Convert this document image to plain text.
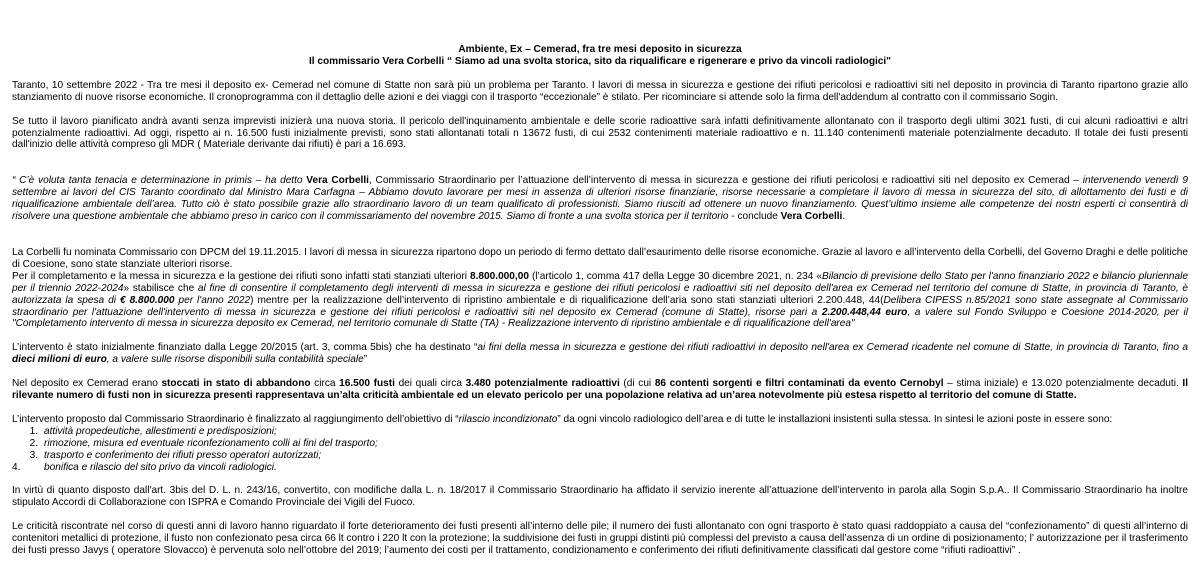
Ambiente, Ex – Cemerad, fra tre mesi deposito in sicurezza
Il commissario Vera Corbelli “ Siamo ad una svolta storica, sito da riqualificare e rigenerare e privo da vincoli radiologici"

Taranto, 10 settembre 2022 - Tra tre mesi il deposito ex- Cemerad nel comune di Statte non sarà più un problema per Taranto. I lavori di messa in sicurezza e gestione dei rifiuti pericolosi e radioattivi siti nel deposito in provincia di Taranto ripartono grazie allo stanziamento di nuove risorse economiche. Il cronoprogramma con il dettaglio delle azioni e dei viaggi con il trasporto “eccezionale” è stilato. Per ricominciare si attende solo la firma dell'addendum al contratto con il commissario Sogin.

Se tutto il lavoro pianificato andrà avanti senza imprevisti inizierà una nuova storia. Il pericolo dell'inquinamento ambientale e delle scorie radioattive sarà infatti definitivamente allontanato con il trasporto degli ultimi 3021 fusti, di cui alcuni radioattivi e altri potenzialmente radioattivi. Ad oggi, rispetto ai n. 16.500 fusti inizialmente previsti, sono stati allontanati totali n 13672 fusti, di cui 2532 contenimenti materiale radioattivo e n. 11.140 contenimenti materiale potenzialmente decaduto. Il totale dei fusti presenti dall'inizio delle attività compreso gli MDR ( Materiale derivante dai rifiuti) è pari a 16.693.

“ C’è voluta tanta tenacia e determinazione in primis – ha detto Vera Corbelli, Commissario Straordinario per l’attuazione dell’intervento di messa in sicurezza e gestione dei rifiuti pericolosi e radioattivi siti nel deposito ex Cemerad – intervenendo venerdì 9 settembre ai lavori del CIS Taranto coordinato dal Ministro Mara Carfagna – Abbiamo dovuto lavorare per mesi in assenza di ulteriori risorse finanziarie, risorse necessarie a completare il lavoro di messa in sicurezza del sito, di allottamento dei fusti e di riqualificazione ambientale dell’area. Tutto ciò è stato possibile grazie allo straordinario lavoro di un team qualificato di professionisti. Siamo riusciti ad ottenere un nuovo finanziamento. Quest’ultimo insieme alle competenze dei nostri esperti ci consentirà di risolvere una questione ambientale che abbiamo preso in carico con il commissariamento del novembre 2015. Siamo di fronte a una svolta storica per il territorio - conclude Vera Corbelli.

La Corbelli fu nominata Commissario con DPCM del 19.11.2015. I lavori di messa in sicurezza ripartono dopo un periodo di fermo dettato dall’esaurimento delle risorse economiche. Grazie al lavoro e all’intervento della Corbelli, del Governo Draghi e delle politiche di Coesione, sono state stanziate ulteriori risorse.

Per il completamento e la messa in sicurezza e la gestione dei rifiuti sono infatti stati stanziati ulteriori 8.800.000,00 (l’articolo 1, comma 417 della Legge 30 dicembre 2021, n. 234 «Bilancio di previsione dello Stato per l'anno finanziario 2022 e bilancio pluriennale per il triennio 2022-2024» stabilisce che al fine di consentire il completamento degli interventi di messa in sicurezza e gestione dei rifiuti pericolosi e radioattivi siti nel deposito dell'area ex Cemerad nel territorio del comune di Statte, in provincia di Taranto, è autorizzata la spesa di € 8.800.000 per l'anno 2022) mentre per la realizzazione dell’intervento di ripristino ambientale e di riqualificazione dell’aria sono stati stanziati ulteriori 2.200.448, 44(Delibera CIPESS n.85/2021 sono state assegnate al Commissario straordinario per l'attuazione dell'intervento di messa in sicurezza e gestione dei rifiuti pericolosi e radioattivi siti nel deposito ex Cemerad (comune di Statte), risorse pari a 2.200.448,44 euro, a valere sul Fondo Sviluppo e Coesione 2014-2020, per il "Completamento intervento di messa in sicurezza deposito ex Cemerad, nel territorio comunale di Statte (TA) - Realizzazione intervento di ripristino ambientale e di riqualificazione dell'area"

L’intervento è stato inizialmente finanziato dalla Legge 20/2015 (art. 3, comma 5bis) che ha destinato “ai fini della messa in sicurezza e gestione dei rifiuti radioattivi in deposito nell'area ex Cemerad ricadente nel comune di Statte, in provincia di Taranto, fino a dieci milioni di euro, a valere sulle risorse disponibili sulla contabilità speciale”

Nel deposito ex Cemerad erano stoccati in stato di abbandono circa 16.500 fusti dei quali circa 3.480 potenzialmente radioattivi (di cui 86 contenti sorgenti e filtri contaminati da evento Cernobyl – stima iniziale) e 13.020 potenzialmente decaduti. Il rilevante numero di fusti non in sicurezza presenti rappresentava un’alta criticità ambientale ed un elevato pericolo per una popolazione relativa ad un’area notevolmente più estesa rispetto al territorio del comune di Statte.

L’intervento proposto dal Commissario Straordinario è finalizzato al raggiungimento dell’obiettivo di “rilascio incondizionato” da ogni vincolo radiologico dell’area e di tutte le installazioni insistenti sulla stessa. In sintesi le azioni poste in essere sono:

1. attività propedeutiche, allestimenti e predisposizioni;
2. rimozione, misura ed eventuale riconfezionamento colli ai fini del trasporto;
3. trasporto e conferimento dei rifiuti presso operatori autorizzati;
4. bonifica e rilascio del sito privo da vincoli radiologici.

In virtù di quanto disposto dall'art. 3bis del D. L. n. 243/16, convertito, con modifiche dalla L. n. 18/2017 il Commissario Straordinario ha affidato il servizio inerente all’attuazione dell’intervento in parola alla Sogin S.p.A.. Il Commissario Straordinario ha inoltre stipulato Accordi di Collaborazione con ISPRA e Comando Provinciale dei Vigili del Fuoco.

Le criticità riscontrate nel corso di questi anni di lavoro hanno riguardato il forte deterioramento dei fusti presenti all’interno delle pile; il numero dei fusti allontanato con ogni trasporto è stato quasi raddoppiato a causa del “confezionamento” di questi all’interno di contenitori metallici di protezione, il fusto non confezionato pesa circa 66 lt contro i 220 lt con la protezione; la suddivisione dei fusti in gruppi distinti più complessi del previsto a causa dell’assenza di un ordine di posizionamento; l’ autorizzazione per il trasferimento dei fusti presso Javys ( operatore Slovacco) è pervenuta solo nell’ottobre del 2019; l’aumento dei costi per il trattamento, condizionamento e conferimento dei rifiuti definitivamente classificati dal gestore come “rifiuti radioattivi” .
